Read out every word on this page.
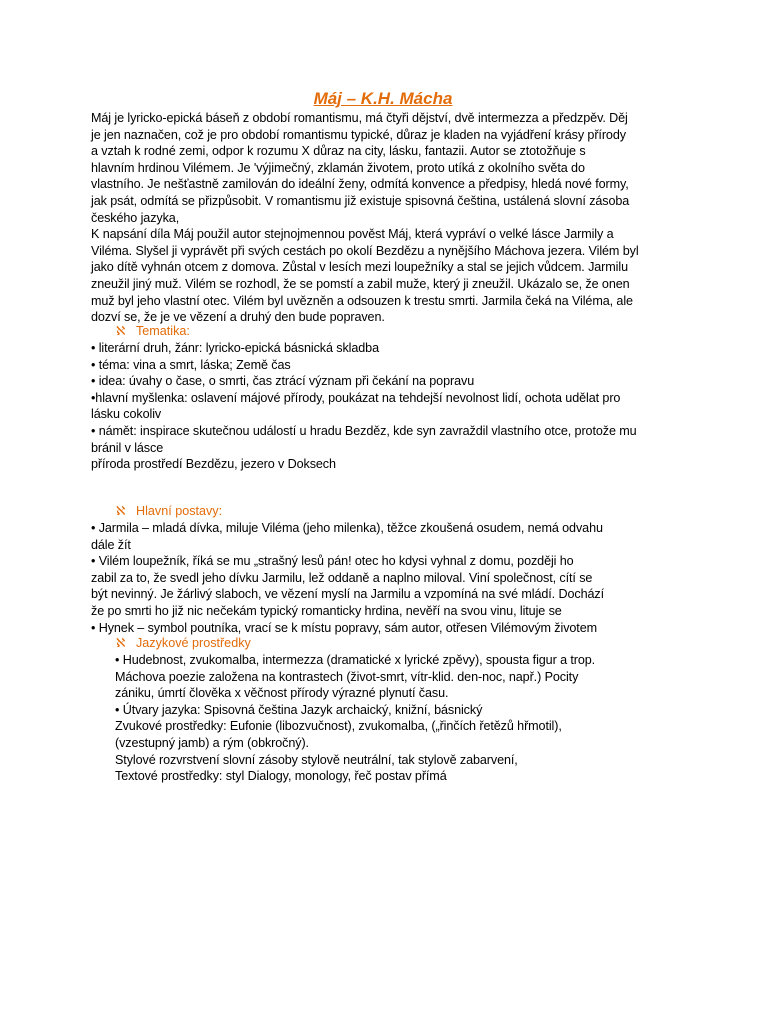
Máj – K.H. Mácha
Máj je lyricko-epická báseň z období romantismu, má čtyři dějství, dvě intermezza a předzpěv. Děj
je jen naznačen, což je pro období romantismu typické, důraz je kladen na vyjádření krásy přírody
a vztah k rodné zemi, odpor k rozumu X důraz na city, lásku, fantazii. Autor se ztotožňuje s
hlavním hrdinou Vilémem. Je 'výjimečný, zklamán životem, proto utíká z okolního světa do
vlastního. Je nešťastně zamilován do ideální ženy, odmítá konvence a předpisy, hledá nové formy,
jak psát, odmítá se přizpůsobit. V romantismu již existuje spisovná čeština, ustálená slovní zásoba
českého jazyka,
K napsání díla Máj použil autor stejnojmennou pověst Máj, která vypráví o velké lásce Jarmily a
Viléma. Slyšel ji vyprávět při svých cestách po okolí Bezdězu a nynějšího Máchova jezera. Vilém byl
jako dítě vyhnán otcem z domova. Zůstal v lesích mezi loupežníky a stal se jejich vůdcem. Jarmilu
zneužil jiný muž. Vilém se rozhodl, že se pomstí a zabil muže, který ji zneužil. Ukázalo se, že onen
muž byl jeho vlastní otec. Vilém byl uvězněn a odsouzen k trestu smrti. Jarmila čeká na Viléma, ale
dozví se, že je ve vězení a druhý den bude popraven.
ℵ Tematika:
• literární druh, žánr: lyricko-epická básnická skladba
• téma: vina a smrt, láska; Země čas
• idea: úvahy o čase, o smrti, čas ztrácí význam při čekání na popravu
•hlavní myšlenka: oslavení májové přírody, poukázat na tehdejší nevolnost lidí, ochota udělat pro
lásku cokoliv
• námět: inspirace skutečnou událostí u hradu Bezděz, kde syn zavraždil vlastního otce, protože mu
bránil v lásce
příroda prostředí Bezdězu, jezero v Doksech
ℵ Hlavní postavy:
• Jarmila – mladá dívka, miluje Viléma (jeho milenka), těžce zkoušená osudem, nemá odvahu
dále žít
• Vilém loupežník, říká se mu „strašný lesů pán! otec ho kdysi vyhnal z domu, později ho
zabil za to, že svedl jeho dívku Jarmilu, lež oddaně a naplno miloval. Viní společnost, cítí se
být nevinný. Je žárlivý slaboch, ve vězení myslí na Jarmilu a vzpomíná na své mládí. Dochází
že po smrti ho již nic nečekám typický romanticky hrdina, nevěří na svou vinu, lituje se
• Hynek – symbol poutníka, vrací se k místu popravy, sám autor, otřesen Vilémovým životem
ℵ Jazykové prostředky
• Hudebnost, zvukomalba, intermezza (dramatické x lyrické zpěvy), spousta figur a trop.
Máchova poezie založena na kontrastech (život-smrt, vítr-klid. den-noc, např.) Pocity
zániku, úmrtí člověka x věčnost přírody výrazné plynutí času.
• Útvary jazyka: Spisovná čeština Jazyk archaický, knižní, básnický
Zvukové prostředky: Eufonie (libozvučnost), zvukomalba, („řinčích řetězů hřmotil),
(vzestupný jamb) a rým (obkročný).
Stylové rozvrstvení slovní zásoby stylově neutrální, tak stylově zabarvení,
Textové prostředky: styl Dialogy, monology, řeč postav přímá
